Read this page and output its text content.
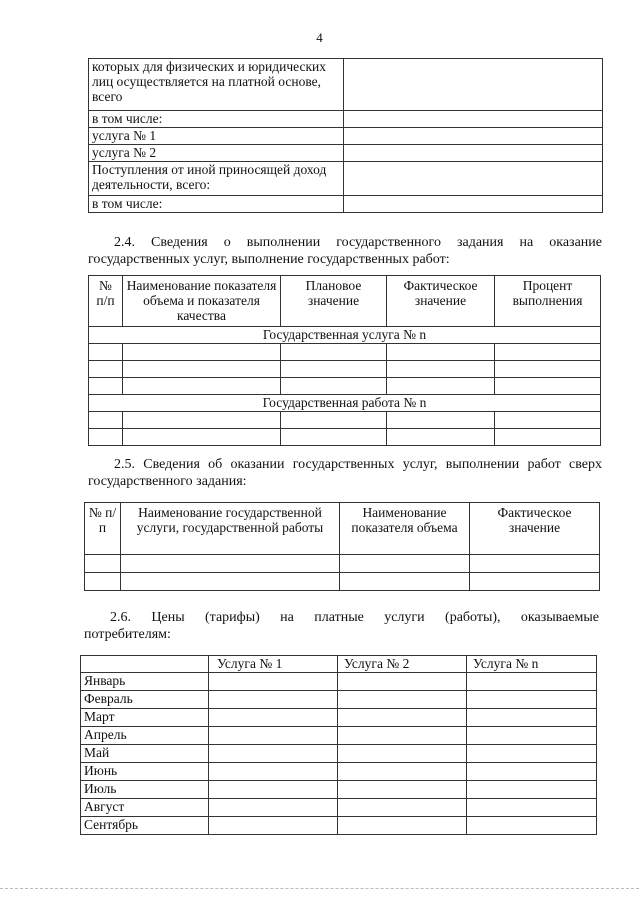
4
которых для физических и юридических лиц осуществляется на платной основе, всего	
в том числе:	
услуга № 1	
услуга № 2	
Поступления от иной приносящей доход деятельности, всего:	
в том числе:	
2.4. Сведения о выполнении государственного задания на оказание
государственных услуг, выполнение государственных работ:
№ п/п	Наименование показателя объема и показателя качества	Плановое значение	Фактическое значение	Процент выполнения
Государственная услуга № n				

Государственная работа № n				

2.5. Сведения об оказании государственных услуг, выполнении работ сверх
государственного задания:
№ п/п	Наименование государственной услуги, государственной работы	Наименование показателя объема	Фактическое значение

2.6. Цены (тарифы) на платные услуги (работы), оказываемые
потребителям:
	Услуга № 1	Услуга № 2	Услуга № n
Январь			
Февраль			
Март			
Апрель			
Май			
Июнь			
Июль			
Август			
Сентябрь			
